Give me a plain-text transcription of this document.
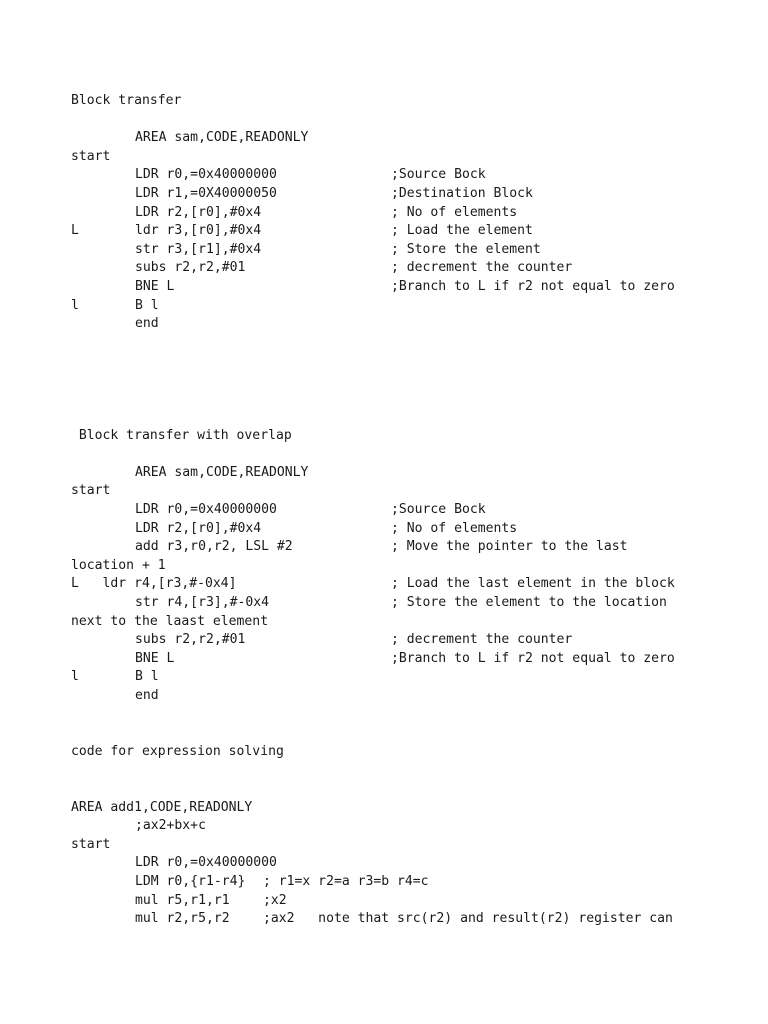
Block transfer
AREA sam,CODE,READONLY
start
LDR r0,=0x40000000	;Source Bock
LDR r1,=0X40000050	;Destination Block
LDR r2,[r0],#0x4	; No of elements
L	ldr r3,[r0],#0x4	; Load the element
str r3,[r1],#0x4	; Store the element
subs r2,r2,#01	; decrement the counter
BNE L	;Branch to L if r2 not equal to zero
l	B l
end
Block transfer with overlap
AREA sam,CODE,READONLY
start
LDR r0,=0x40000000	;Source Bock
LDR r2,[r0],#0x4	; No of elements
add r3,r0,r2, LSL #2	; Move the pointer to the last
location + 1
L   ldr r4,[r3,#-0x4]	; Load the last element in the block
str r4,[r3],#-0x4	; Store the element to the location
next to the laast element
subs r2,r2,#01	; decrement the counter
BNE L	;Branch to L if r2 not equal to zero
l	B l
end
code for expression solving
AREA add1,CODE,READONLY
;ax2+bx+c
start
LDR r0,=0x40000000
LDM r0,{r1-r4} ; r1=x r2=a r3=b r4=c
mul r5,r1,r1	;x2
mul r2,r5,r2	;ax2   note that src(r2) and result(r2) register can
